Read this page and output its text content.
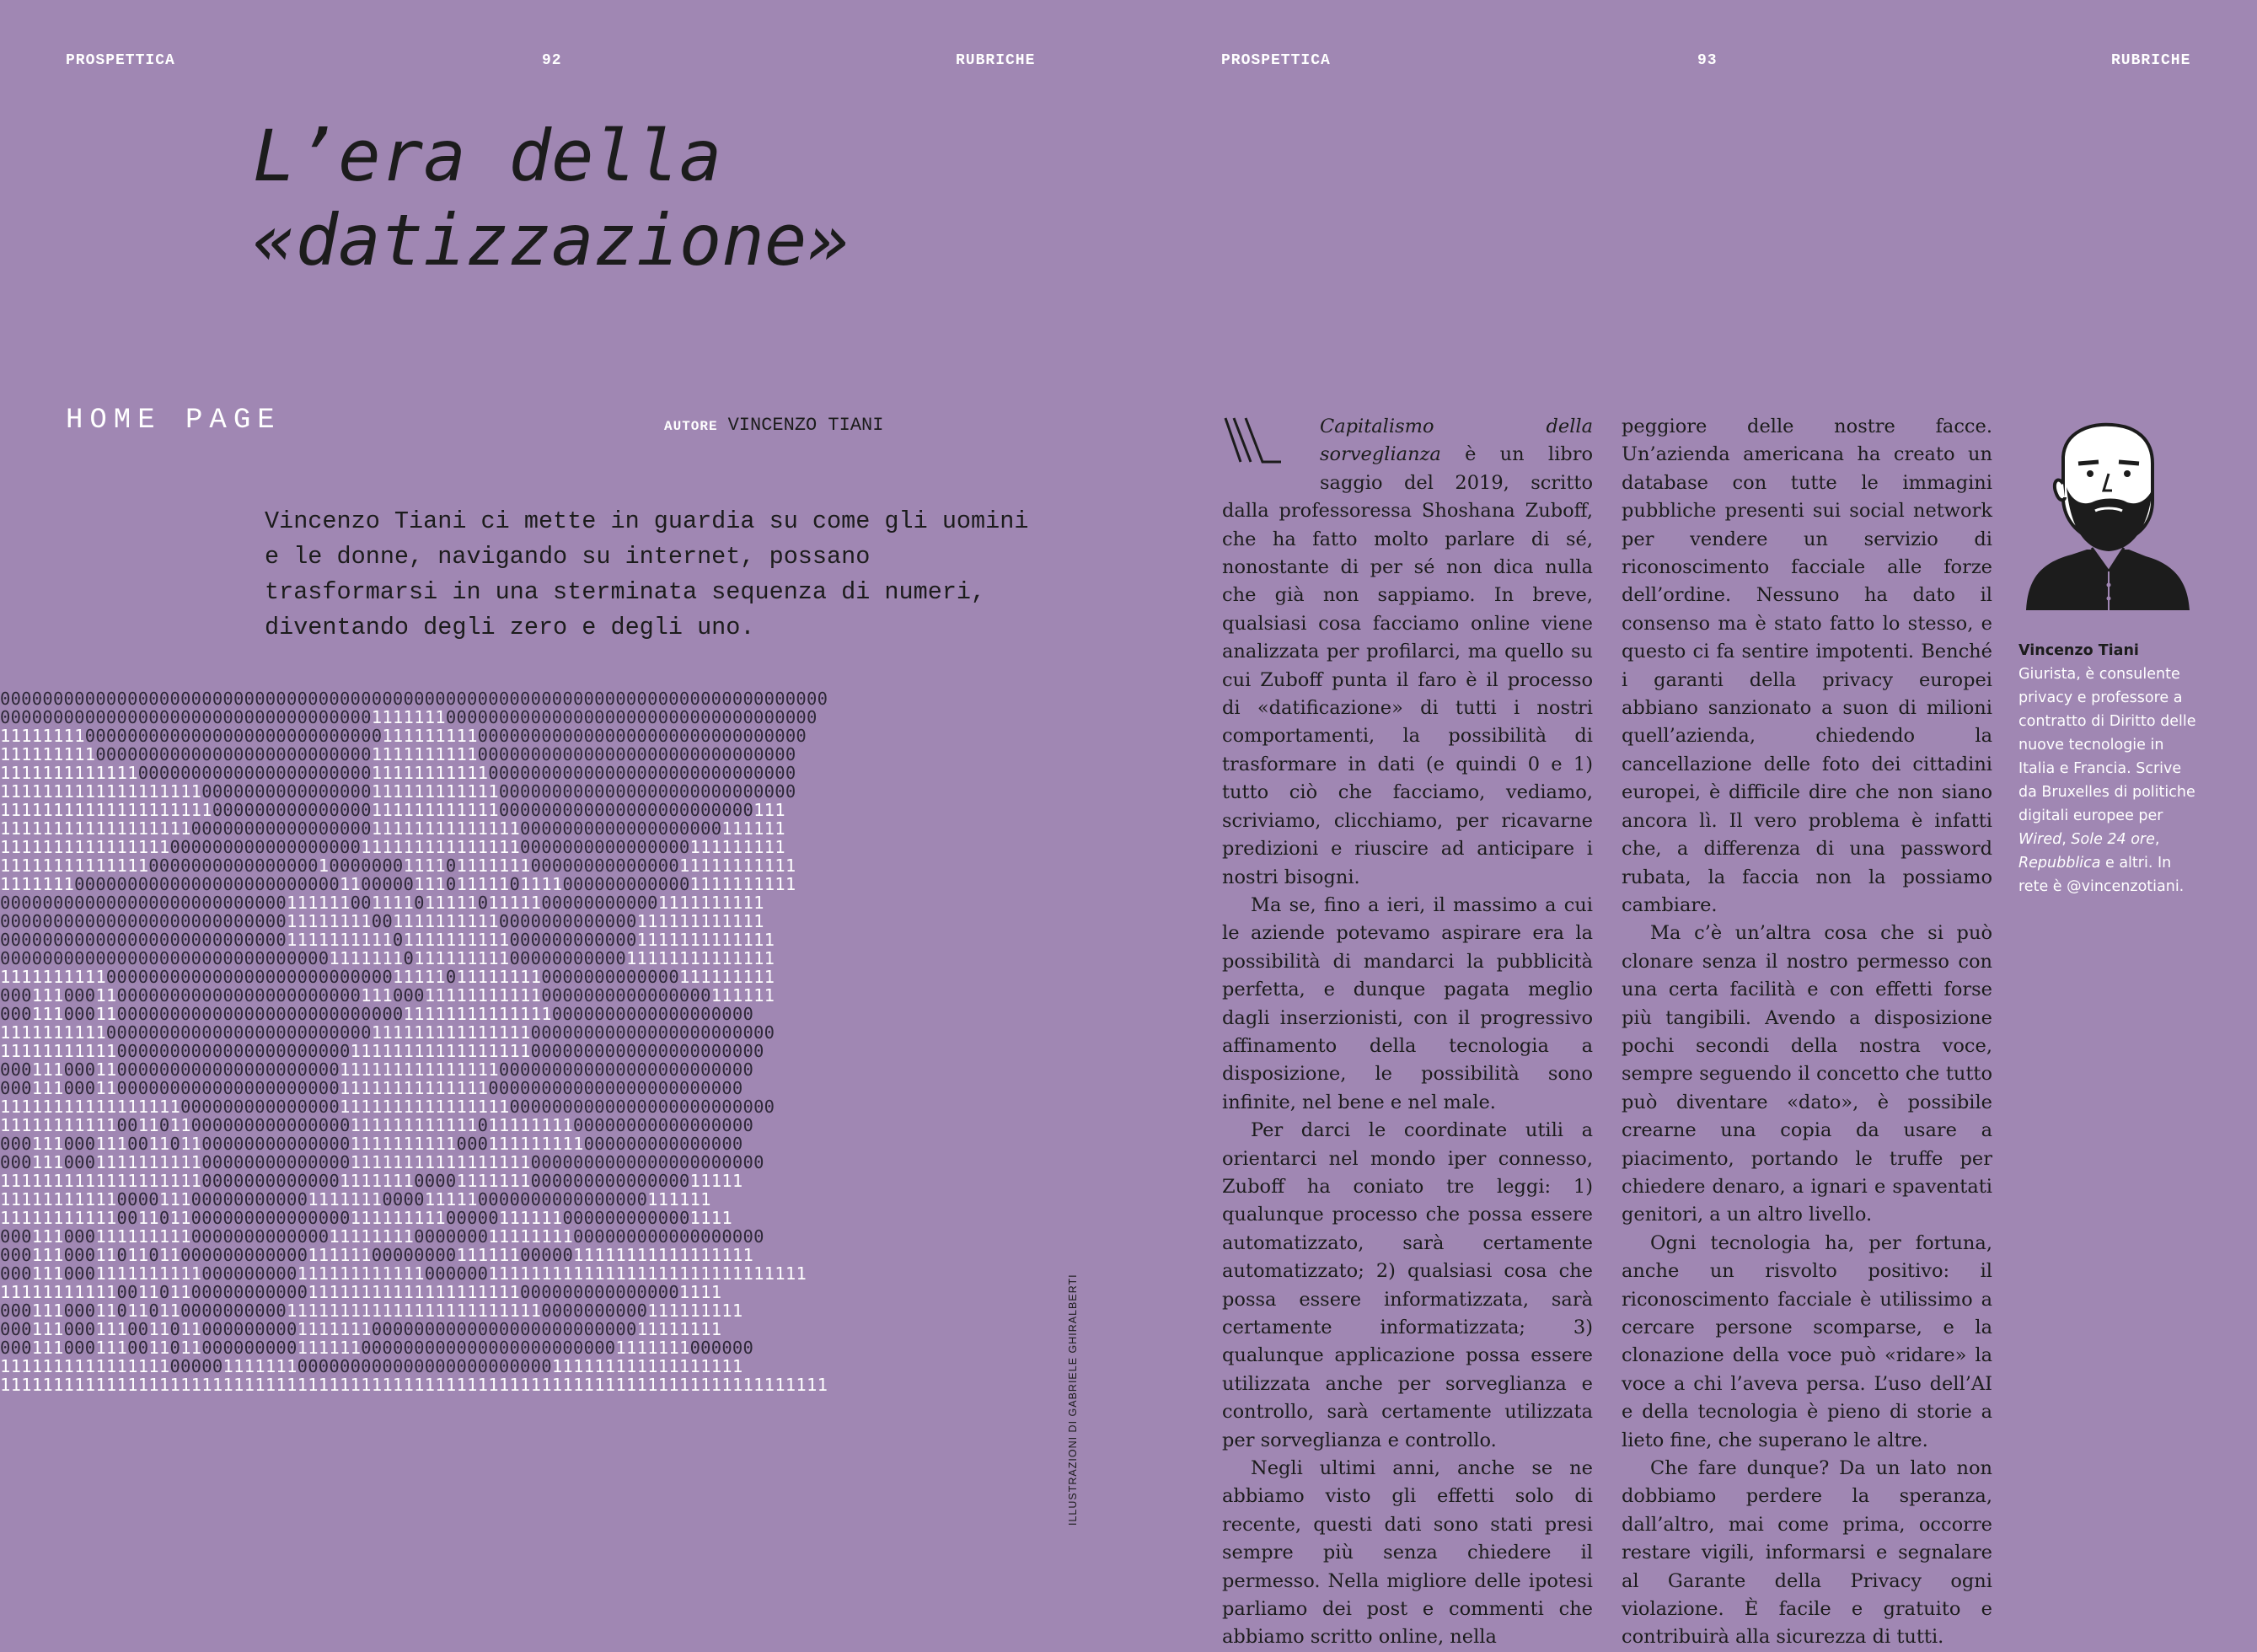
PROSPETTICA	92	RUBRICHE
L’era della
«datizzazione»
HOME PAGE	AUTORE VINCENZO TIANI

Vincenzo Tiani ci mette in guardia su come gli uomini e le donne, navigando su internet, possano trasformarsi in una sterminata sequenza di numeri, diventando degli zero e degli uno.

000000000000000000000000000000000000000000000000000000000000000000000000000000
00000000000000000000000000000000000111111100000000000000000000000000000000000
1111111100000000000000000000000000001111111110000000000000000000000000000000
111111111000000000000000000000000001111111111000000000000000000000000000000
111111111111100000000000000000000001111111111100000000000000000000000000000
111111111111111111100000000000000001111111111110000000000000000000000000000
11111111111111111111000000000000000111111111111000000000000000000000000111
11111111111111111100000000000000000111111111111110000000000000000000111111
11111111111111110000000000000000001111111111111110000000000000000111111111
111111111111110000000000000000100000001111011111110000000000000011111111111
111111100000000000000000000000001100000111011111011110000000000001111111111
000000000000000000000000000111111001111011111011111000000000001111111111
000000000000000000000000000111111110011111111110000000000000111111111111
0000000000000000000000000001111111111011111111110000000000001111111111111
0000000000000000000000000000000111111101111111110000000000011111111111111
1111111111000000000000000000000000000111110111111110000000000000111111111
0001110001100000000000000000000000111000111111111110000000000000000111111
00011100011000000000000000000000000000111111111111110000000000000000000
1111111111000000000000000000000000011111111111111100000000000000000000000
111111111110000000000000000000000111111111111111110000000000000000000000
00011100011000000000000000000000111111111111111000000000000000000000000
0001110001100000000000000000000011111111111111000000000000000000000000
1111111111111111100000000000000011111111111111110000000000000000000000000
11111111111001101100000000000000011111111111101111111100000000000000000
0001110001110011011000000000000001111111111000111111111000000000000000
000111000111111111100000000000000111111111111111110000000000000000000000
1111111111111111111000000000000011111110000111111100000000000000011111
1111111111100001110000000000011111110000111110000000000000000111111
111111111110011011000000000000000111111111000001111110000000000001111
000111000111111111000000000000011111111000000011111111000000000000000000
00011100011011011000000000000111111000000001111110000011111111111111111
0001110001111111111000000000111111111111000000111111111111111111111111111111
11111111111001101100000000000111111111111111111110000000000000001111
0001110001101101100000000001111111111111111111111110000000000111111111
00011100011100110110000000001111111000000000000000000000000011111111
00011100011100110110000000001111110000000000000000000000001111111000000
1111111111111111000001111111000000000000000000000000111111111111111111
111111111111111111111111111111111111111111111111111111111111111111111111111111	ILLUSTRAZIONI DI GABRIELE GHIRALBERTI
PROSPETTICA	93	RUBRICHE
L

Capitalismo della sorveglianza è un libro saggio del 2019, scritto dalla professoressa Shoshana Zuboff, che ha fatto molto parlare di sé, nonostante di per sé non dica nulla che già non sappiamo. In breve, qualsiasi cosa facciamo online viene analizzata per profilarci, ma quello su cui Zuboff punta il faro è il processo di «datificazione» di tutti i nostri comportamenti, la possibilità di trasformare in dati (e quindi 0 e 1) tutto ciò che facciamo, vediamo, scriviamo, clicchiamo, per ricavarne predizioni e riuscire ad anticipare i nostri bisogni.

Ma se, fino a ieri, il massimo a cui le aziende potevamo aspirare era la possibilità di mandarci la pubblicità perfetta, e dunque pagata meglio dagli inserzionisti, con il progressivo affinamento della tecnologia a disposizione, le possibilità sono infinite, nel bene e nel male.

Per darci le coordinate utili a orientarci nel mondo iper connesso, Zuboff ha coniato tre leggi: 1) qualunque processo che possa essere automatizzato, sarà certamente automatizzato; 2) qualsiasi cosa che possa essere informatizzata, sarà certamente informatizzata; 3) qualunque applicazione possa essere utilizzata anche per sorveglianza e controllo, sarà certamente utilizzata per sorveglianza e controllo.

Negli ultimi anni, anche se ne abbiamo visto gli effetti solo di recente, questi dati sono stati presi sempre più senza chiedere il permesso. Nella migliore delle ipotesi parliamo dei post e commenti che abbiamo scritto online, nella

peggiore delle nostre facce. Un’azienda americana ha creato un database con tutte le immagini pubbliche presenti sui social network per vendere un servizio di riconoscimento facciale alle forze dell’ordine. Nessuno ha dato il consenso ma è stato fatto lo stesso, e questo ci fa sentire impotenti. Benché i garanti della privacy europei abbiano sanzionato a suon di milioni quell’azienda, chiedendo la cancellazione delle foto dei cittadini europei, è difficile dire che non siano ancora lì. Il vero problema è infatti che, a differenza di una password rubata, la faccia non la possiamo cambiare.

Ma c’è un’altra cosa che si può clonare senza il nostro permesso con una certa facilità e con effetti forse più tangibili. Avendo a disposizione pochi secondi della nostra voce, sempre seguendo il concetto che tutto può diventare «dato», è possibile crearne una copia da usare a piacimento, portando le truffe per chiedere denaro, a ignari e spaventati genitori, a un altro livello.

Ogni tecnologia ha, per fortuna, anche un risvolto positivo: il riconoscimento facciale è utilissimo a cercare persone scomparse, e la clonazione della voce può «ridare» la voce a chi l’aveva persa. L’uso dell’AI e della tecnologia è pieno di storie a lieto fine, che superano le altre.

Che fare dunque? Da un lato non dobbiamo perdere la speranza, dall’altro, mai come prima, occorre restare vigili, informarsi e segnalare al Garante della Privacy ogni violazione. È facile e gratuito e contribuirà alla sicurezza di tutti.

Vincenzo Tiani
Giurista, è consulente privacy e professore a contratto di Diritto delle nuove tecnologie in Italia e Francia. Scrive da Bruxelles di politiche digitali europee per Wired, Sole 24 ore, Repubblica e altri. In rete è @vincenzotiani.
